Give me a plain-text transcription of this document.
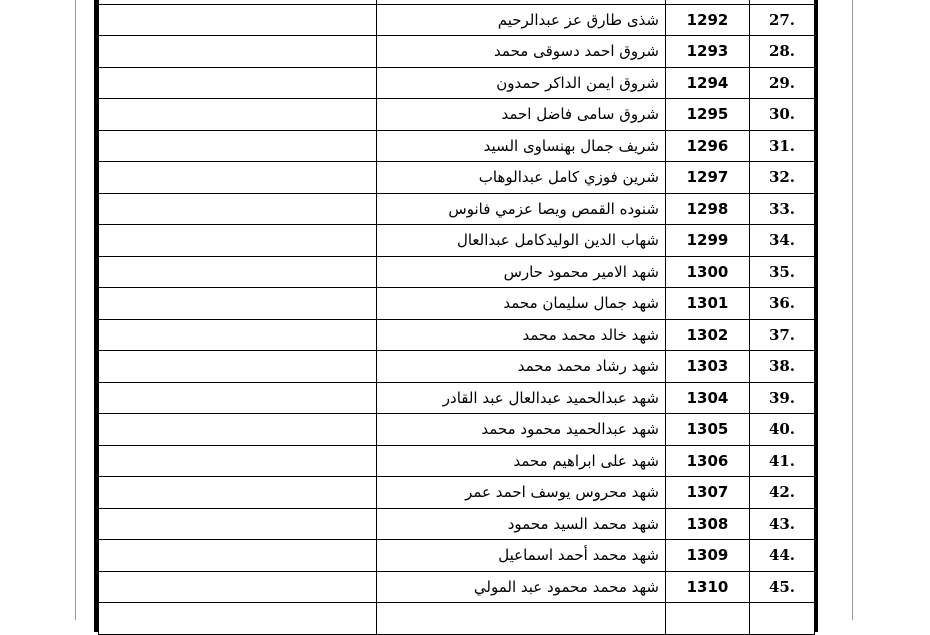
	شذى طارق عز عبدالرحيم	1292	27.
	شروق احمد دسوقى محمد	1293	28.
	شروق ايمن الداكر حمدون	1294	29.
	شروق سامى فاضل احمد	1295	30.
	شريف جمال بهنساوى السيد	1296	31.
	شرين فوزي كامل عبدالوهاب	1297	32.
	شنوده القمص ويصا عزمي فانوس	1298	33.
	شهاب الدين الوليدكامل عبدالعال	1299	34.
	شهد الامير محمود حارس	1300	35.
	شهد جمال سليمان محمد	1301	36.
	شهد خالد محمد محمد	1302	37.
	شهد رشاد محمد محمد	1303	38.
	شهد عبدالحميد عبدالعال عبد القادر	1304	39.
	شهد عبدالحميد محمود محمد	1305	40.
	شهد على ابراهيم محمد	1306	41.
	شهد محروس يوسف احمد عمر	1307	42.
	شهد محمد السيد محمود	1308	43.
	شهد محمد أحمد اسماعيل	1309	44.
	شهد محمد محمود عبد المولي	1310	45.
